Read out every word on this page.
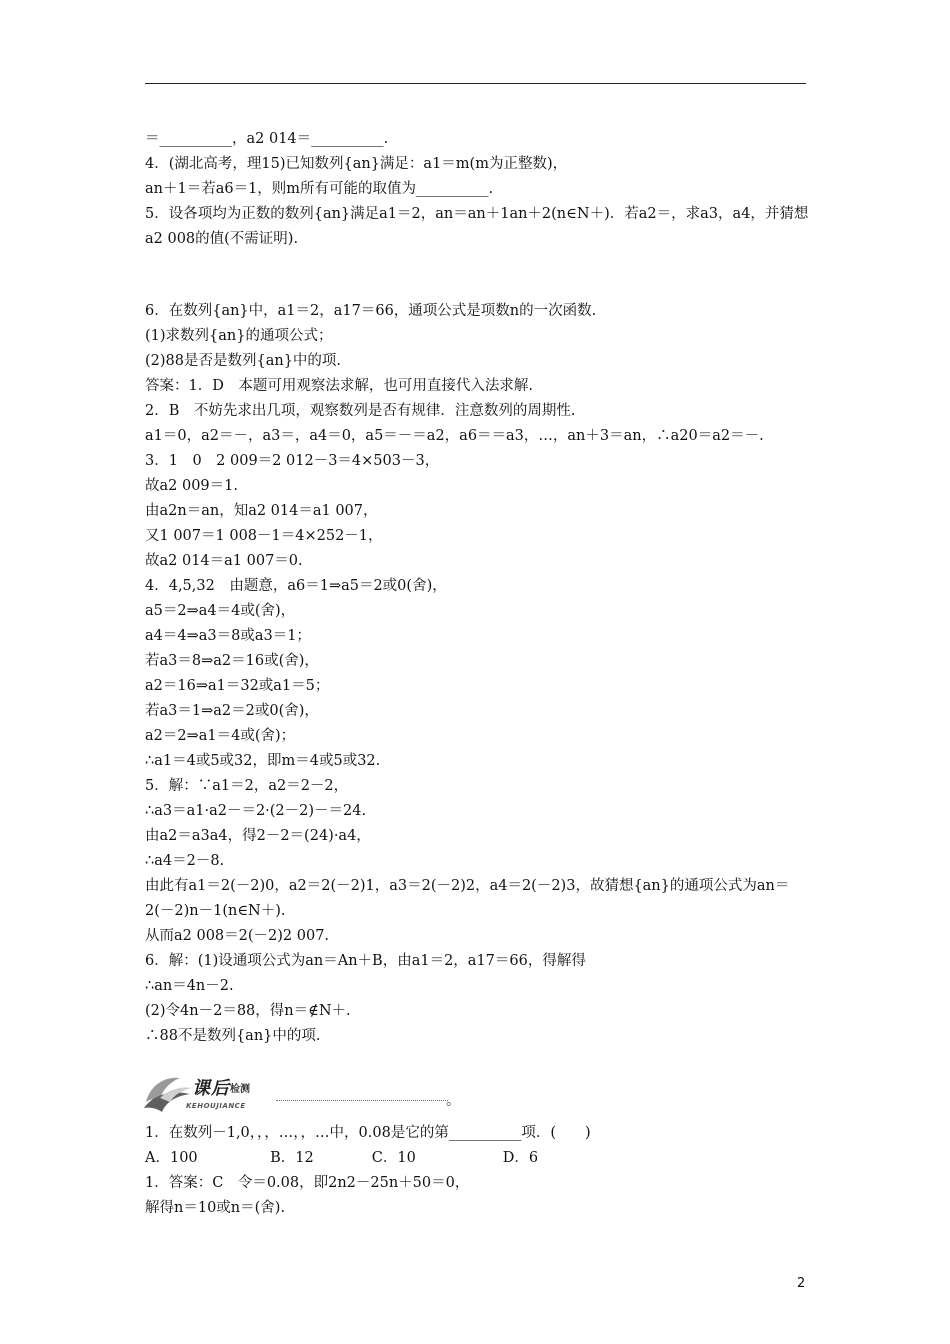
＝__________，a2 014＝__________.
4．(湖北高考，理15)已知数列{an}满足：a1＝m(m为正整数)，
an＋1＝若a6＝1，则m所有可能的取值为__________.
5．设各项均为正数的数列{an}满足a1＝2，an＝an＋1an＋2(n∈N＋)．若a2＝，求a3，a4，并猜想a2 008的值(不需证明).
6．在数列{an}中，a1＝2，a17＝66，通项公式是项数n的一次函数.
(1)求数列{an}的通项公式；
(2)88是否是数列{an}中的项.
答案：1．D　本题可用观察法求解，也可用直接代入法求解.
2．B　不妨先求出几项，观察数列是否有规律．注意数列的周期性.
a1＝0，a2＝－，a3＝，a4＝0，a5＝－＝a2，a6＝＝a3，…，an＋3＝an，∴a20＝a2＝－.
3．1　0　2 009＝2 012－3＝4×503－3，
故a2 009＝1.
由a2n＝an，知a2 014＝a1 007，
又1 007＝1 008－1＝4×252－1，
故a2 014＝a1 007＝0.
4．4,5,32　由题意，a6＝1⇒a5＝2或0(舍)，
a5＝2⇒a4＝4或(舍)，
a4＝4⇒a3＝8或a3＝1；
若a3＝8⇒a2＝16或(舍)，
a2＝16⇒a1＝32或a1＝5；
若a3＝1⇒a2＝2或0(舍)，
a2＝2⇒a1＝4或(舍)；
∴a1＝4或5或32，即m＝4或5或32.
5．解：∵a1＝2，a2＝2－2，
∴a3＝a1·a2－＝2·(2－2)－＝24.
由a2＝a3a4，得2－2＝(24)·a4，
∴a4＝2－8.
由此有a1＝2(－2)0，a2＝2(－2)1，a3＝2(－2)2，a4＝2(－2)3，故猜想{an}的通项公式为an＝2(－2)n－1(n∈N＋).
从而a2 008＝2(－2)2 007.
6．解：(1)设通项公式为an＝An＋B，由a1＝2，a17＝66，得解得
∴an＝4n－2.
(2)令4n－2＝88，得n＝∉N＋.
∴88不是数列{an}中的项.
课后 检测
KEHOUJIANCE	。
1．在数列－1,0，，，…，，…中，0.08是它的第__________项．(　　)
A．100　　　　　B．12　　　　C．10　　　　　　D．6
1．答案：C　令＝0.08，即2n2－25n＋50＝0，
解得n＝10或n＝(舍).
2
